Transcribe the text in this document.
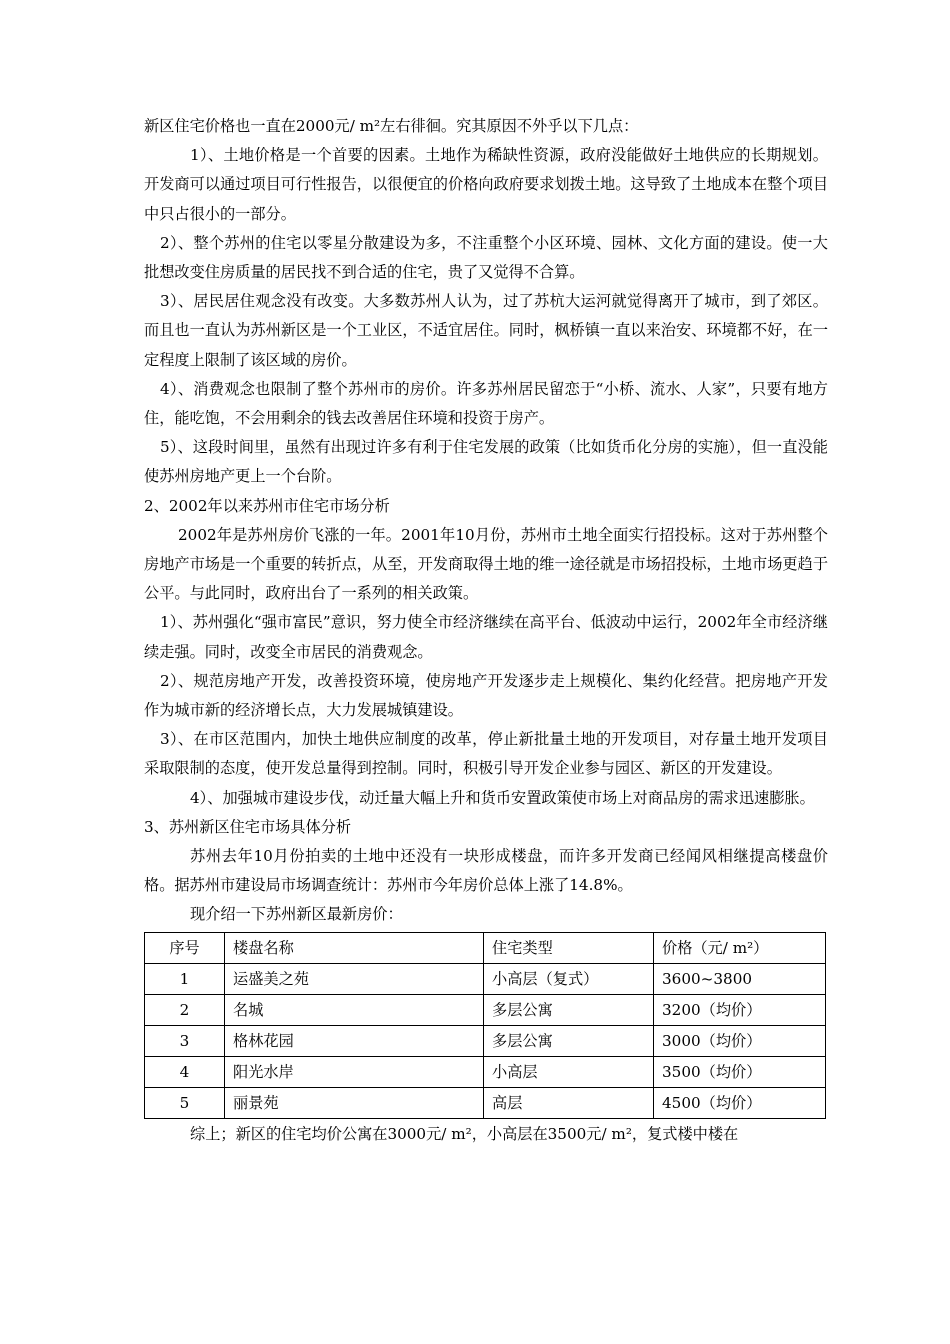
新区住宅价格也一直在2000元/ m²左右徘徊。究其原因不外乎以下几点：

1）、土地价格是一个首要的因素。土地作为稀缺性资源，政府没能做好土地供应的长期规划。开发商可以通过项目可行性报告，以很便宜的价格向政府要求划拨土地。这导致了土地成本在整个项目中只占很小的一部分。

2）、整个苏州的住宅以零星分散建设为多，不注重整个小区环境、园林、文化方面的建设。使一大批想改变住房质量的居民找不到合适的住宅，贵了又觉得不合算。

3）、居民居住观念没有改变。大多数苏州人认为，过了苏杭大运河就觉得离开了城市，到了郊区。而且也一直认为苏州新区是一个工业区，不适宜居住。同时，枫桥镇一直以来治安、环境都不好，在一定程度上限制了该区域的房价。

4）、消费观念也限制了整个苏州市的房价。许多苏州居民留恋于“小桥、流水、人家”，只要有地方住，能吃饱，不会用剩余的钱去改善居住环境和投资于房产。

5）、这段时间里，虽然有出现过许多有利于住宅发展的政策（比如货币化分房的实施），但一直没能使苏州房地产更上一个台阶。

2、2002年以来苏州市住宅市场分析

2002年是苏州房价飞涨的一年。2001年10月份，苏州市土地全面实行招投标。这对于苏州整个房地产市场是一个重要的转折点，从至，开发商取得土地的维一途径就是市场招投标，土地市场更趋于公平。与此同时，政府出台了一系列的相关政策。

1）、苏州强化“强市富民”意识，努力使全市经济继续在高平台、低波动中运行，2002年全市经济继续走强。同时，改变全市居民的消费观念。

2）、规范房地产开发，改善投资环境，使房地产开发逐步走上规模化、集约化经营。把房地产开发作为城市新的经济增长点，大力发展城镇建设。

3）、在市区范围内，加快土地供应制度的改革，停止新批量土地的开发项目，对存量土地开发项目采取限制的态度，使开发总量得到控制。同时，积极引导开发企业参与园区、新区的开发建设。

4）、加强城市建设步伐，动迁量大幅上升和货币安置政策使市场上对商品房的需求迅速膨胀。

3、苏州新区住宅市场具体分析

苏州去年10月份拍卖的土地中还没有一块形成楼盘，而许多开发商已经闻风相继提高楼盘价格。据苏州市建设局市场调查统计：苏州市今年房价总体上涨了14.8%。

现介绍一下苏州新区最新房价：

序号	楼盘名称	住宅类型	价格（元/ m²）
1	运盛美之苑	小高层（复式）	3600~3800
2	名城	多层公寓	3200（均价）
3	格林花园	多层公寓	3000（均价）
4	阳光水岸	小高层	3500（均价）
5	丽景苑	高层	4500（均价）

综上；新区的住宅均价公寓在3000元/ m²，小高层在3500元/ m²，复式楼中楼在
